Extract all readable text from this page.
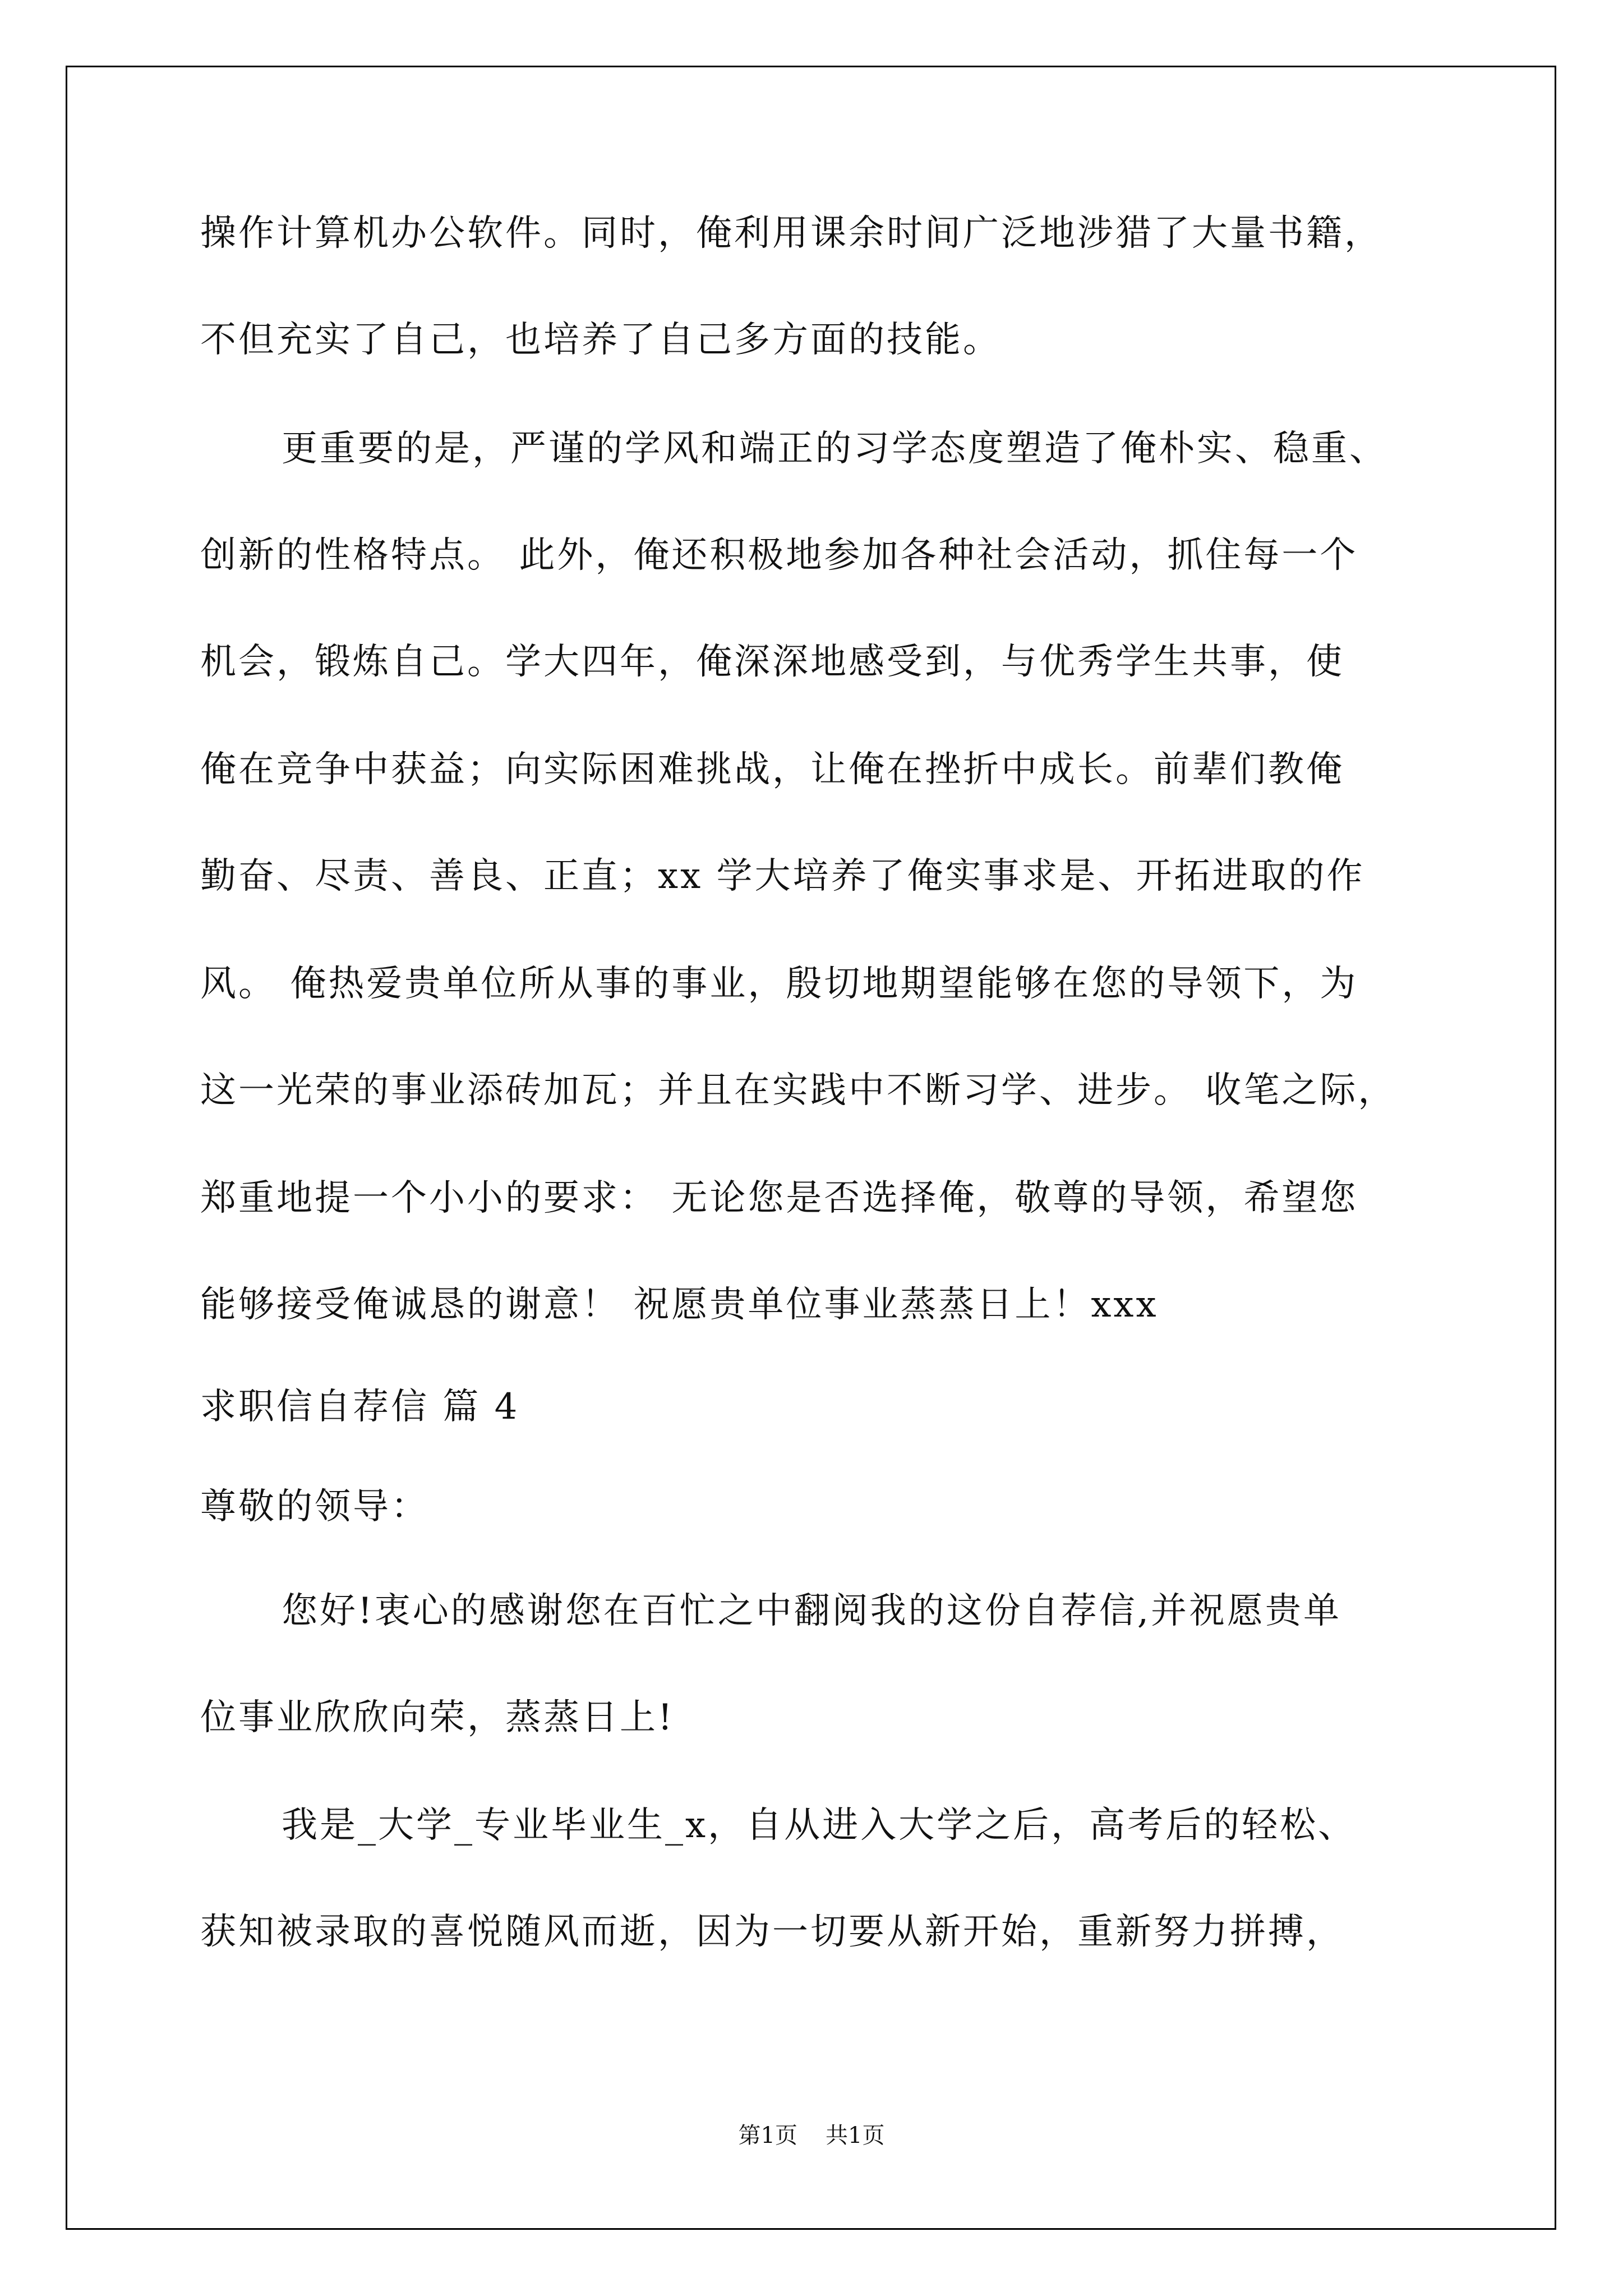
操作计算机办公软件。同时，俺利用课余时间广泛地涉猎了大量书籍，
不但充实了自己，也培养了自己多方面的技能。
更重要的是，严谨的学风和端正的习学态度塑造了俺朴实、稳重、
创新的性格特点。 此外，俺还积极地参加各种社会活动，抓住每一个
机会，锻炼自己。学大四年，俺深深地感受到，与优秀学生共事，使
俺在竞争中获益；向实际困难挑战，让俺在挫折中成长。前辈们教俺
勤奋、尽责、善良、正直；xx 学大培养了俺实事求是、开拓进取的作
风。 俺热爱贵单位所从事的事业，殷切地期望能够在您的导领下，为
这一光荣的事业添砖加瓦；并且在实践中不断习学、进步。 收笔之际，
郑重地提一个小小的要求： 无论您是否选择俺，敬尊的导领，希望您
能够接受俺诚恳的谢意！ 祝愿贵单位事业蒸蒸日上！xxx
求职信自荐信 篇 4
尊敬的领导：
您好!衷心的感谢您在百忙之中翻阅我的这份自荐信,并祝愿贵单
位事业欣欣向荣，蒸蒸日上!
我是_大学_专业毕业生_x，自从进入大学之后，高考后的轻松、
获知被录取的喜悦随风而逝，因为一切要从新开始，重新努力拼搏，
第1页 共1页
